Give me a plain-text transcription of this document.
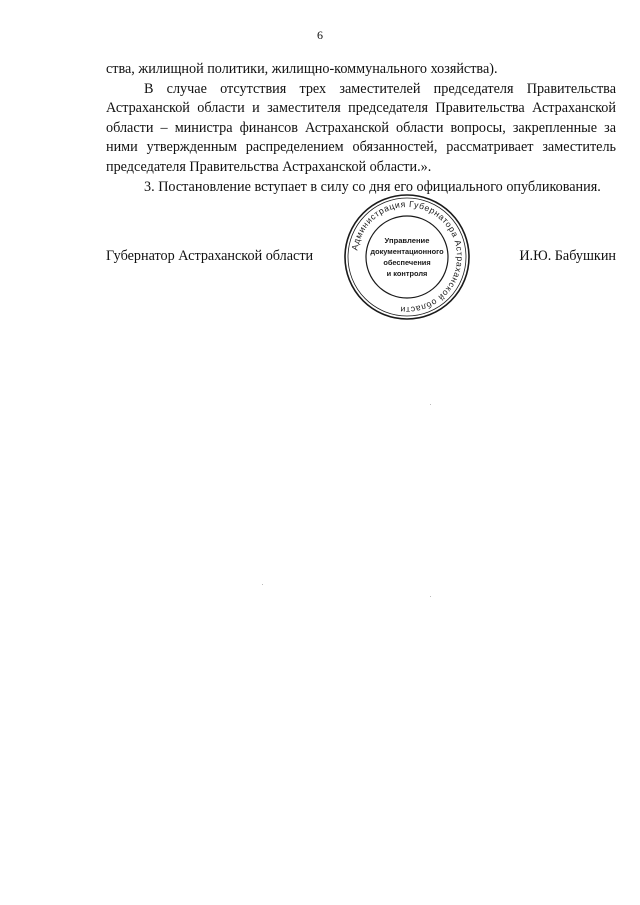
6

ства, жилищной политики, жилищно-коммунального хозяйства).

В случае отсутствия трех заместителей председателя Правительства Астраханской области и заместителя председателя Правительства Астраханской области – министра финансов Астраханской области вопросы, закрепленные за ними утвержденным распределением обязанностей, рассматривает заместитель председателя Правительства Астраханской области.».

3. Постановление вступает в силу со дня его официального опубликования.

Губернатор Астраханской области	И.Ю. Бабушкин
Администрация Губернатора Астраханской области
Управление
документационного
обеспечения
и контроля
